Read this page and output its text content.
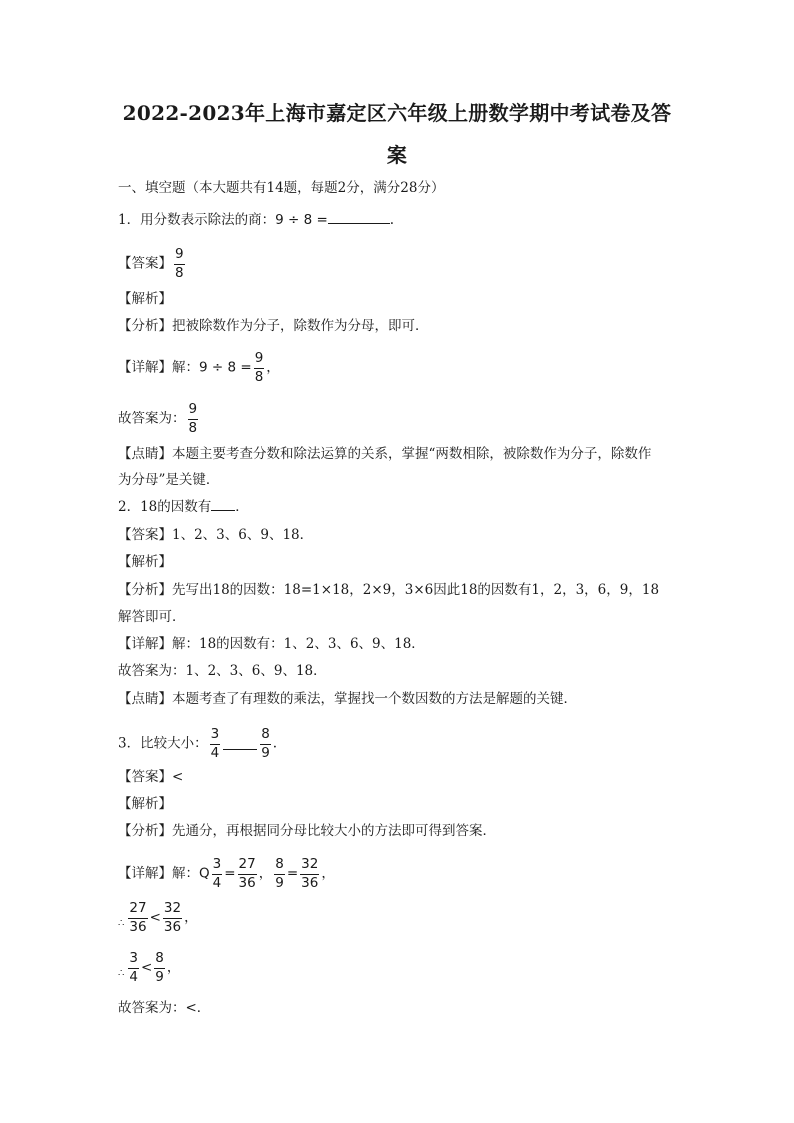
2022-2023年上海市嘉定区六年级上册数学期中考试卷及答
案
一、填空题（本大题共有14题，每题2分，满分28分）
1．用分数表示除法的商：9 ÷ 8 =	.
【答案】 $\frac{9}{8}$
【解析】
【分析】把被除数作为分子，除数作为分母，即可．
【详解】解：$9 \div 8 = \frac{9}{8}$ ，
故答案为： $\frac{9}{8}$
【点睛】本题主要考查分数和除法运算的关系，掌握“两数相除，被除数作为分子，除数作
为分母”是关键．
2．18的因数有 ．
【答案】1、2、3、6、9、18．
【解析】
【分析】先写出18的因数：18=1×18，2×9，3×6因此18的因数有1，2，3，6，9，18
解答即可．
【详解】解：18的因数有：1、2、3、6、9、18．
故答案为：1、2、3、6、9、18．
【点睛】本题考查了有理数的乘法，掌握找一个数因数的方法是解题的关键．
3．比较大小： $\frac{3}{4}$	$\frac{8}{9}$ .
【答案】<
【解析】
【分析】先通分，再根据同分母比较大小的方法即可得到答案．
【详解】解：Q $\frac{3}{4} = \frac{27}{36}$ ， $\frac{8}{9} = \frac{32}{36}$ ，
$_\therefore \frac{27}{36} < \frac{32}{36}$ ，
$_\therefore \frac{3}{4} < \frac{8}{9}$ ，
故答案为：<．
